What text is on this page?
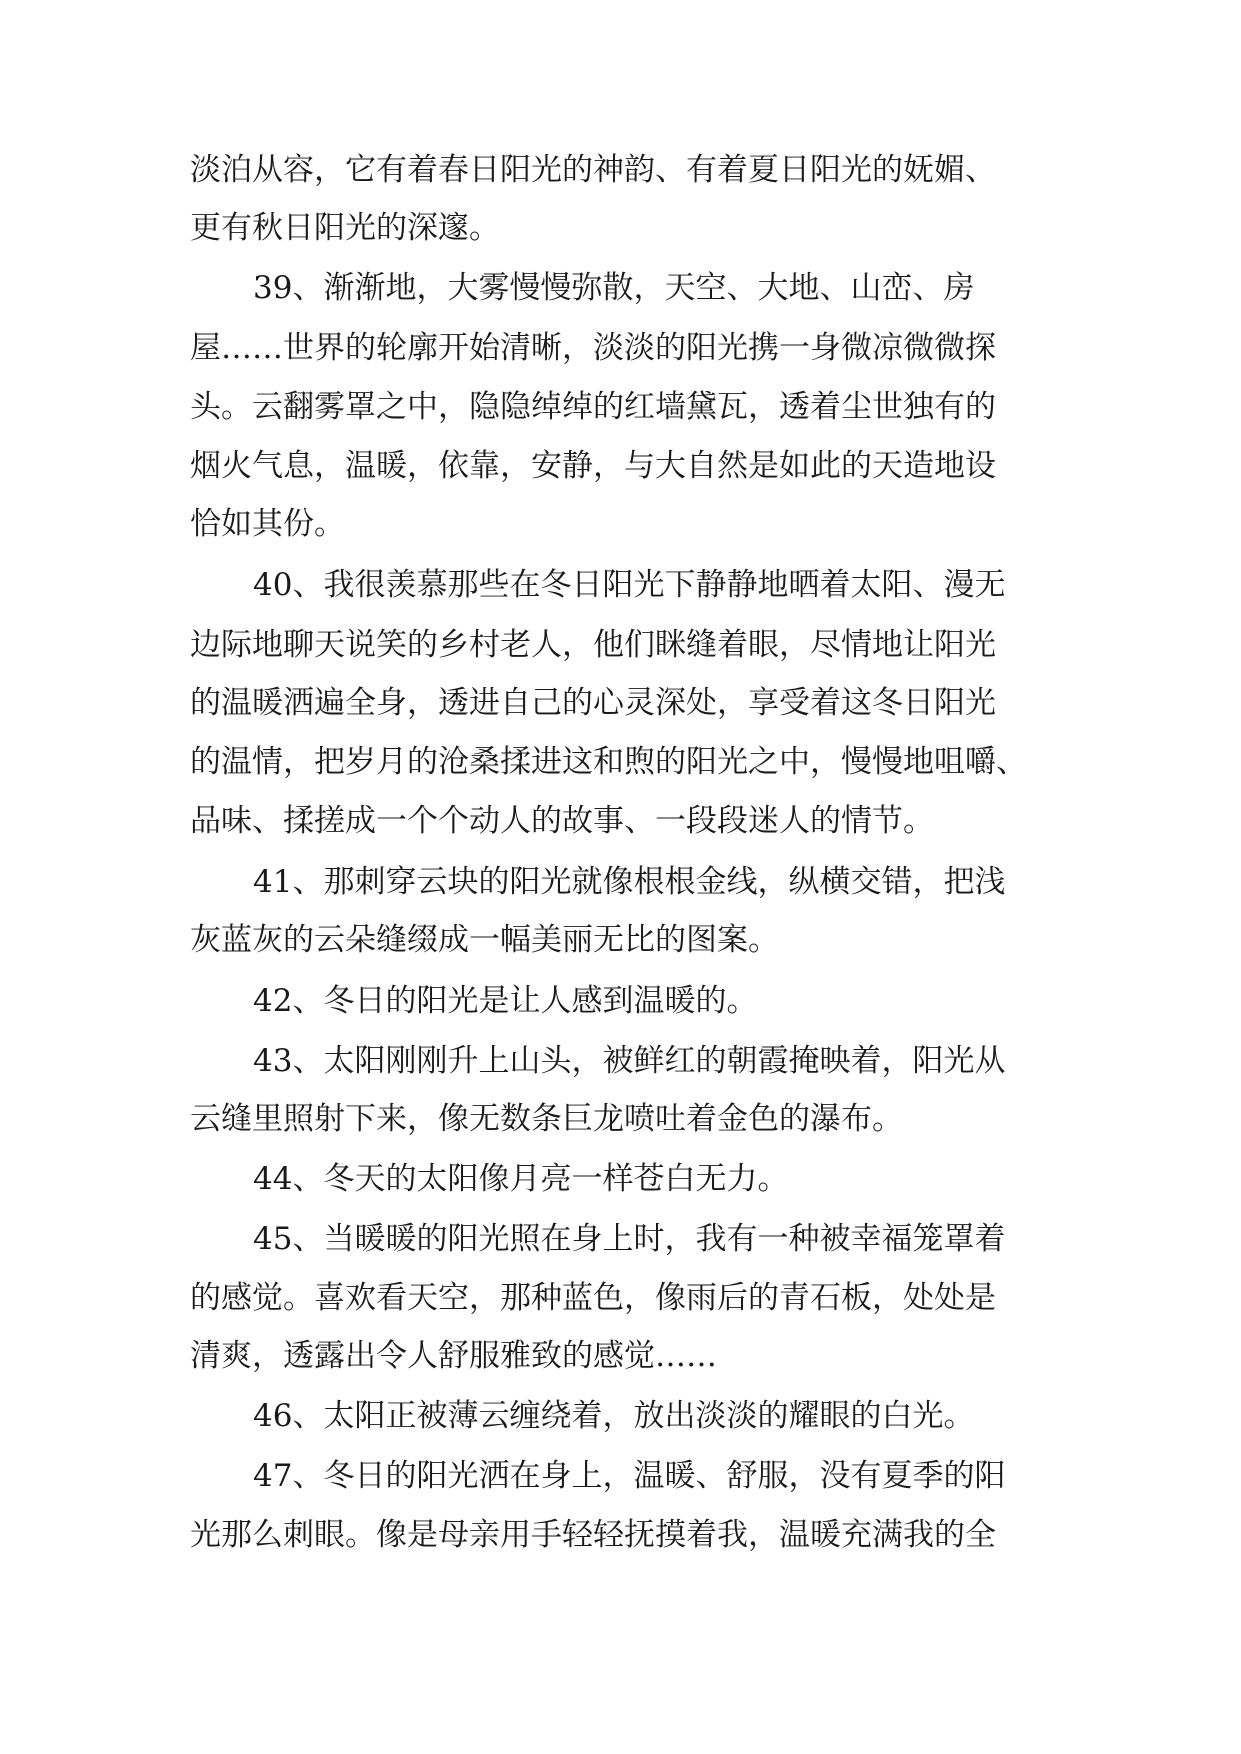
淡泊从容，它有着春日阳光的神韵、有着夏日阳光的妩媚、

更有秋日阳光的深邃。

39、渐渐地，大雾慢慢弥散，天空、大地、山峦、房

屋……世界的轮廓开始清晰，淡淡的阳光携一身微凉微微探

头。云翻雾罩之中，隐隐绰绰的红墙黛瓦，透着尘世独有的

烟火气息，温暖，依靠，安静，与大自然是如此的天造地设

恰如其份。

40、我很羡慕那些在冬日阳光下静静地晒着太阳、漫无

边际地聊天说笑的乡村老人，他们眯缝着眼，尽情地让阳光

的温暖洒遍全身，透进自己的心灵深处，享受着这冬日阳光

的温情，把岁月的沧桑揉进这和煦的阳光之中，慢慢地咀嚼、

品味、揉搓成一个个动人的故事、一段段迷人的情节。

41、那刺穿云块的阳光就像根根金线，纵横交错，把浅

灰蓝灰的云朵缝缀成一幅美丽无比的图案。

42、冬日的阳光是让人感到温暖的。

43、太阳刚刚升上山头，被鲜红的朝霞掩映着，阳光从

云缝里照射下来，像无数条巨龙喷吐着金色的瀑布。

44、冬天的太阳像月亮一样苍白无力。

45、当暖暖的阳光照在身上时，我有一种被幸福笼罩着

的感觉。喜欢看天空，那种蓝色，像雨后的青石板，处处是

清爽，透露出令人舒服雅致的感觉……

46、太阳正被薄云缠绕着，放出淡淡的耀眼的白光。

47、冬日的阳光洒在身上，温暖、舒服，没有夏季的阳

光那么刺眼。像是母亲用手轻轻抚摸着我，温暖充满我的全
